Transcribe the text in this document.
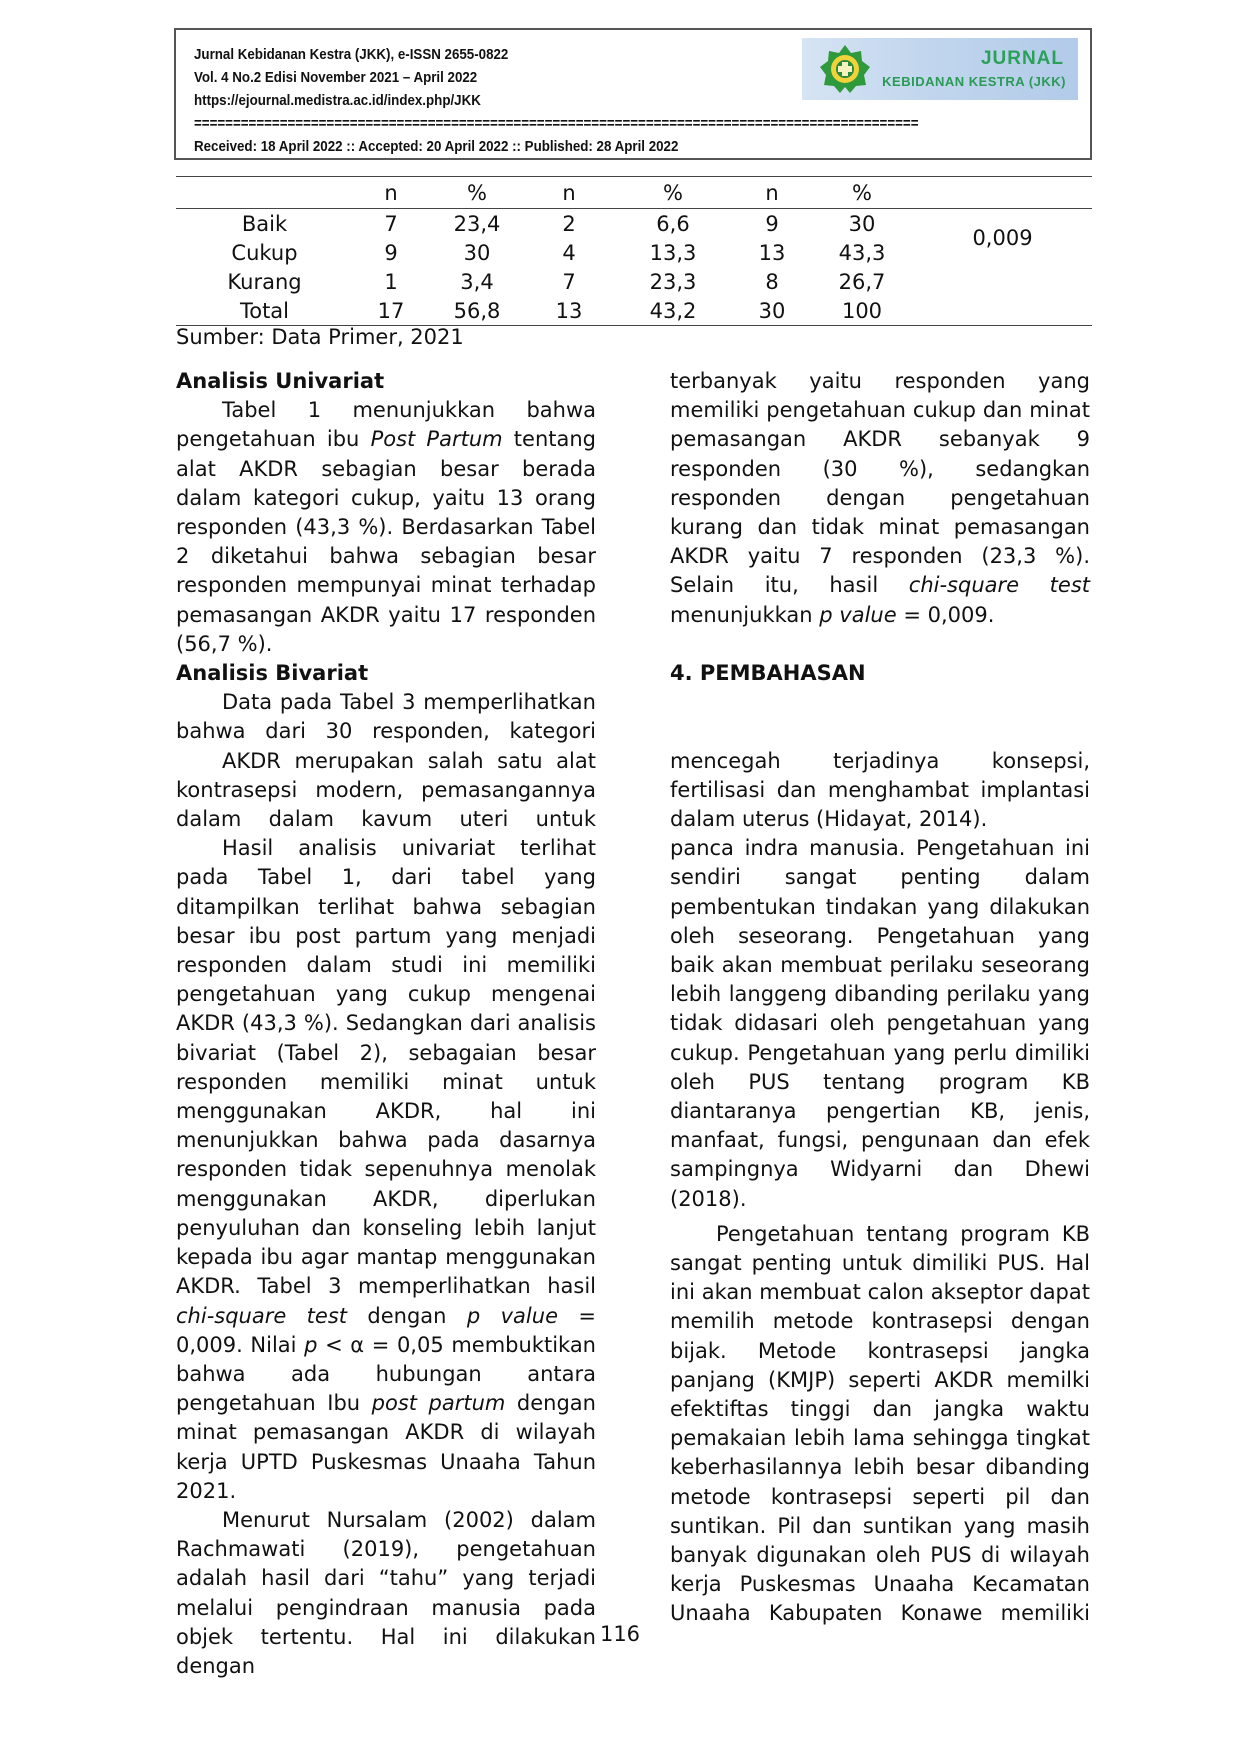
Jurnal Kebidanan Kestra (JKK), e-ISSN 2655-0822
Vol. 4 No.2 Edisi November 2021 – April 2022
https://ejournal.medistra.ac.id/index.php/JKK
=============================================================================================
Received: 18 April 2022 :: Accepted: 20 April 2022 :: Published: 28 April 2022
JURNAL
KEBIDANAN KESTRA (JKK)
	n	%	n	%	n	%	
Baik	7	23,4	2	6,6	9	30	0,009
Cukup	9	30	4	13,3	13	43,3	
Kurang	1	3,4	7	23,3	8	26,7	
Total	17	56,8	13	43,2	30	100	
Sumber: Data Primer, 2021
Analisis Univariat

Tabel 1 menunjukkan bahwa pengetahuan ibu Post Partum tentang alat AKDR sebagian besar berada dalam kategori cukup, yaitu 13 orang responden (43,3 %). Berdasarkan Tabel 2 diketahui bahwa sebagian besar responden mempunyai minat terhadap pemasangan AKDR yaitu 17 responden (56,7 %).

Analisis Bivariat

Data pada Tabel 3 memperlihatkan bahwa dari 30 responden, kategori

AKDR merupakan salah satu alat kontrasepsi modern, pemasangannya dalam dalam kavum uteri untuk

Hasil analisis univariat terlihat pada Tabel 1, dari tabel yang ditampilkan terlihat bahwa sebagian besar ibu post partum yang menjadi responden dalam studi ini memiliki pengetahuan yang cukup mengenai AKDR (43,3 %). Sedangkan dari analisis bivariat (Tabel 2), sebagaian besar responden memiliki minat untuk menggunakan AKDR, hal ini menunjukkan bahwa pada dasarnya responden tidak sepenuhnya menolak menggunakan AKDR, diperlukan penyuluhan dan konseling lebih lanjut kepada ibu agar mantap menggunakan AKDR. Tabel 3 memperlihatkan hasil chi-square test dengan p value = 0,009. Nilai p < α = 0,05 membuktikan bahwa ada hubungan antara pengetahuan Ibu post partum dengan minat pemasangan AKDR di wilayah kerja UPTD Puskesmas Unaaha Tahun 2021.

Menurut Nursalam (2002) dalam Rachmawati (2019), pengetahuan adalah hasil dari “tahu” yang terjadi melalui pengindraan manusia pada objek tertentu. Hal ini dilakukan dengan

terbanyak yaitu responden yang memiliki pengetahuan cukup dan minat pemasangan AKDR sebanyak 9 responden (30 %), sedangkan responden dengan pengetahuan kurang dan tidak minat pemasangan AKDR yaitu 7 responden (23,3 %). Selain itu, hasil chi-square test menunjukkan p value = 0,009.

4. PEMBAHASAN

mencegah terjadinya konsepsi, fertilisasi dan menghambat implantasi dalam uterus (Hidayat, 2014).

panca indra manusia. Pengetahuan ini sendiri sangat penting dalam pembentukan tindakan yang dilakukan oleh seseorang. Pengetahuan yang baik akan membuat perilaku seseorang lebih langgeng dibanding perilaku yang tidak didasari oleh pengetahuan yang cukup. Pengetahuan yang perlu dimiliki oleh PUS tentang program KB diantaranya pengertian KB, jenis, manfaat, fungsi, pengunaan dan efek sampingnya Widyarni dan Dhewi (2018).

Pengetahuan tentang program KB sangat penting untuk dimiliki PUS. Hal ini akan membuat calon akseptor dapat memilih metode kontrasepsi dengan bijak. Metode kontrasepsi jangka panjang (KMJP) seperti AKDR memilki efektiftas tinggi dan jangka waktu pemakaian lebih lama sehingga tingkat keberhasilannya lebih besar dibanding metode kontrasepsi seperti pil dan suntikan. Pil dan suntikan yang masih banyak digunakan oleh PUS di wilayah kerja Puskesmas Unaaha Kecamatan Unaaha Kabupaten Konawe memiliki

116
